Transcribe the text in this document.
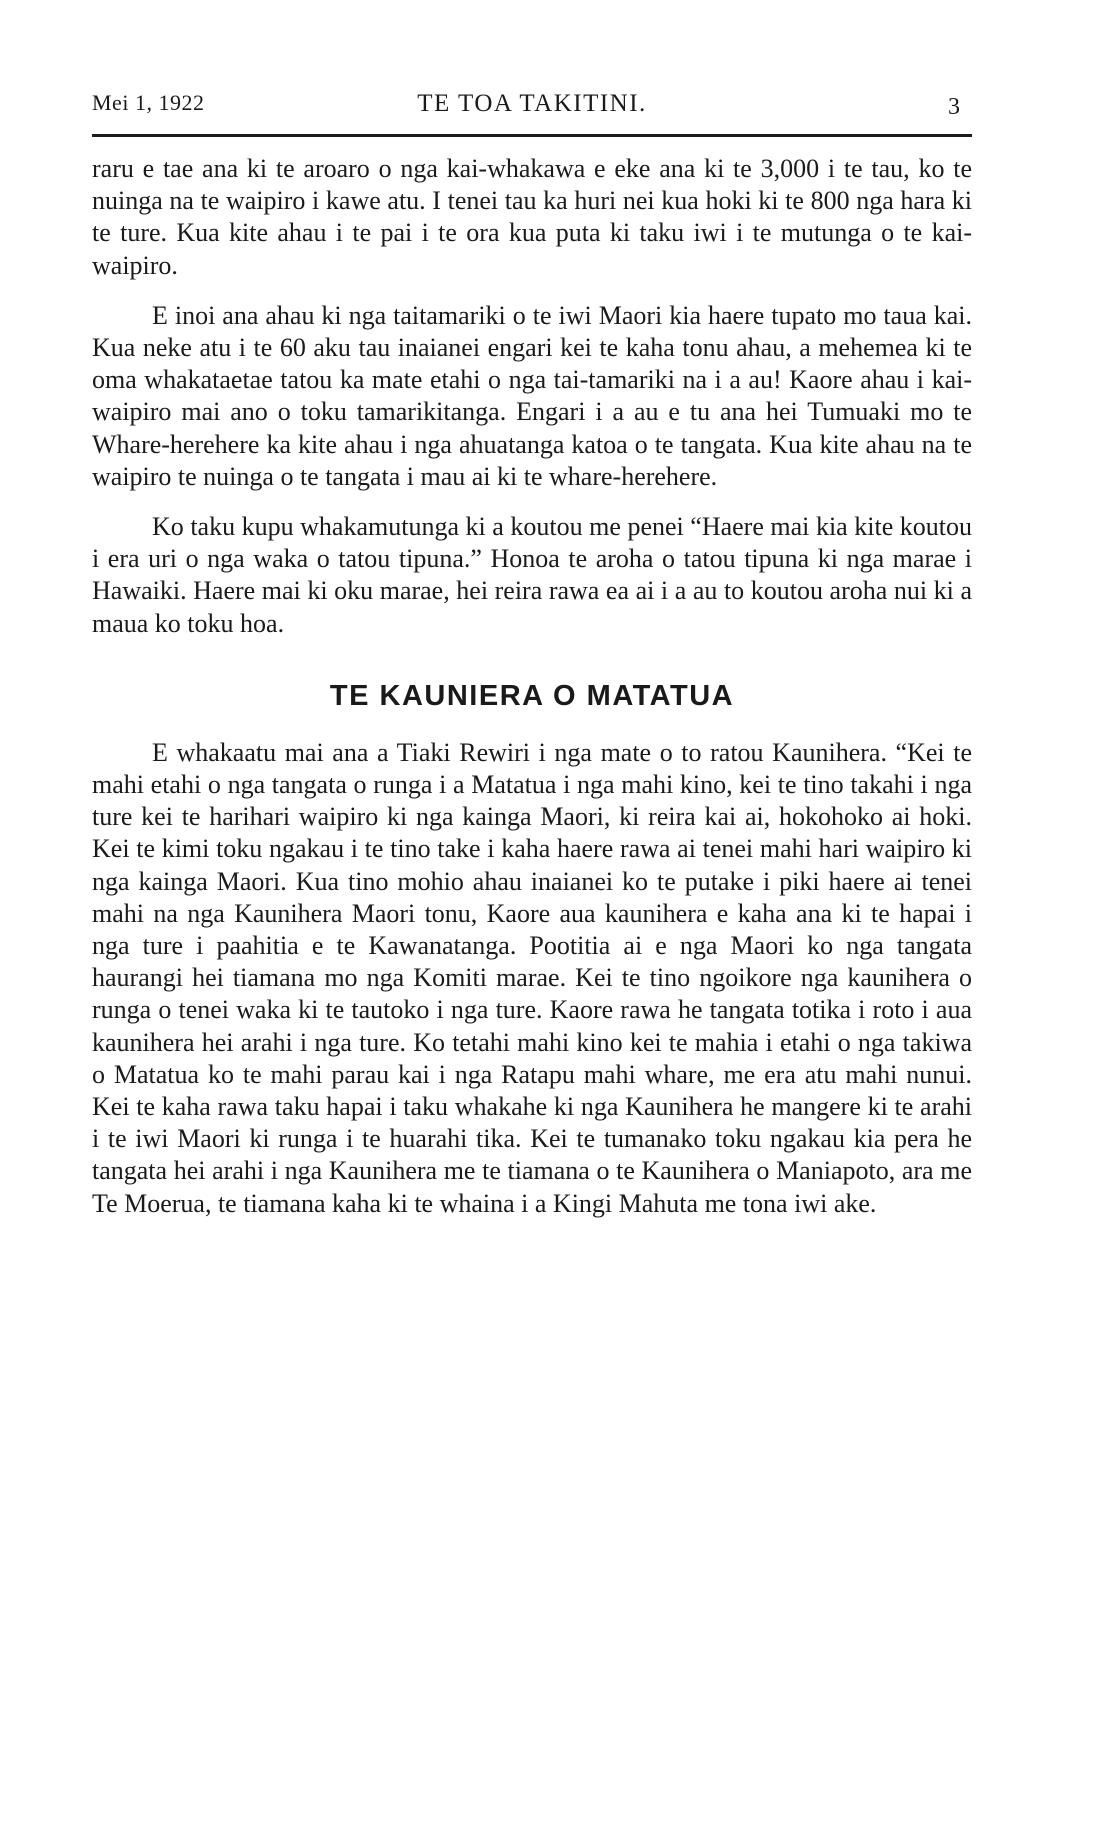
Mei 1, 1922	TE TOA TAKITINI.	3

raru e tae ana ki te aroaro o nga kai-whakawa e eke ana ki te 3,000 i te tau, ko te nuinga na te waipiro i kawe atu. I tenei tau ka huri nei kua hoki ki te 800 nga hara ki te ture. Kua kite ahau i te pai i te ora kua puta ki taku iwi i te mutunga o te kai-waipiro.

E inoi ana ahau ki nga taitamariki o te iwi Maori kia haere tupato mo taua kai. Kua neke atu i te 60 aku tau inaianei engari kei te kaha tonu ahau, a mehemea ki te oma whakataetae tatou ka mate etahi o nga tai-tamariki na i a au! Kaore ahau i kai-waipiro mai ano o toku tamarikitanga. Engari i a au e tu ana hei Tumuaki mo te Whare-herehere ka kite ahau i nga ahuatanga katoa o te tangata. Kua kite ahau na te waipiro te nuinga o te tangata i mau ai ki te whare-herehere.

Ko taku kupu whakamutunga ki a koutou me penei “Haere mai kia kite koutou i era uri o nga waka o tatou tipuna.” Honoa te aroha o tatou tipuna ki nga marae i Hawaiki. Haere mai ki oku marae, hei reira rawa ea ai i a au to koutou aroha nui ki a maua ko toku hoa.

TE KAUNIERA O MATATUA

E whakaatu mai ana a Tiaki Rewiri i nga mate o to ratou Kaunihera. “Kei te mahi etahi o nga tangata o runga i a Matatua i nga mahi kino, kei te tino takahi i nga ture kei te harihari waipiro ki nga kainga Maori, ki reira kai ai, hokohoko ai hoki. Kei te kimi toku ngakau i te tino take i kaha haere rawa ai tenei mahi hari waipiro ki nga kainga Maori. Kua tino mohio ahau inaianei ko te putake i piki haere ai tenei mahi na nga Kaunihera Maori tonu, Kaore aua kaunihera e kaha ana ki te hapai i nga ture i paahitia e te Kawanatanga. Pootitia ai e nga Maori ko nga tangata haurangi hei tiamana mo nga Komiti marae. Kei te tino ngoikore nga kaunihera o runga o tenei waka ki te tautoko i nga ture. Kaore rawa he tangata totika i roto i aua kaunihera hei arahi i nga ture. Ko tetahi mahi kino kei te mahia i etahi o nga takiwa o Matatua ko te mahi parau kai i nga Ratapu mahi whare, me era atu mahi nunui. Kei te kaha rawa taku hapai i taku whakahe ki nga Kaunihera he mangere ki te arahi i te iwi Maori ki runga i te huarahi tika. Kei te tumanako toku ngakau kia pera he tangata hei arahi i nga Kaunihera me te tiamana o te Kaunihera o Maniapoto, ara me Te Moerua, te tiamana kaha ki te whaina i a Kingi Mahuta me tona iwi ake.
